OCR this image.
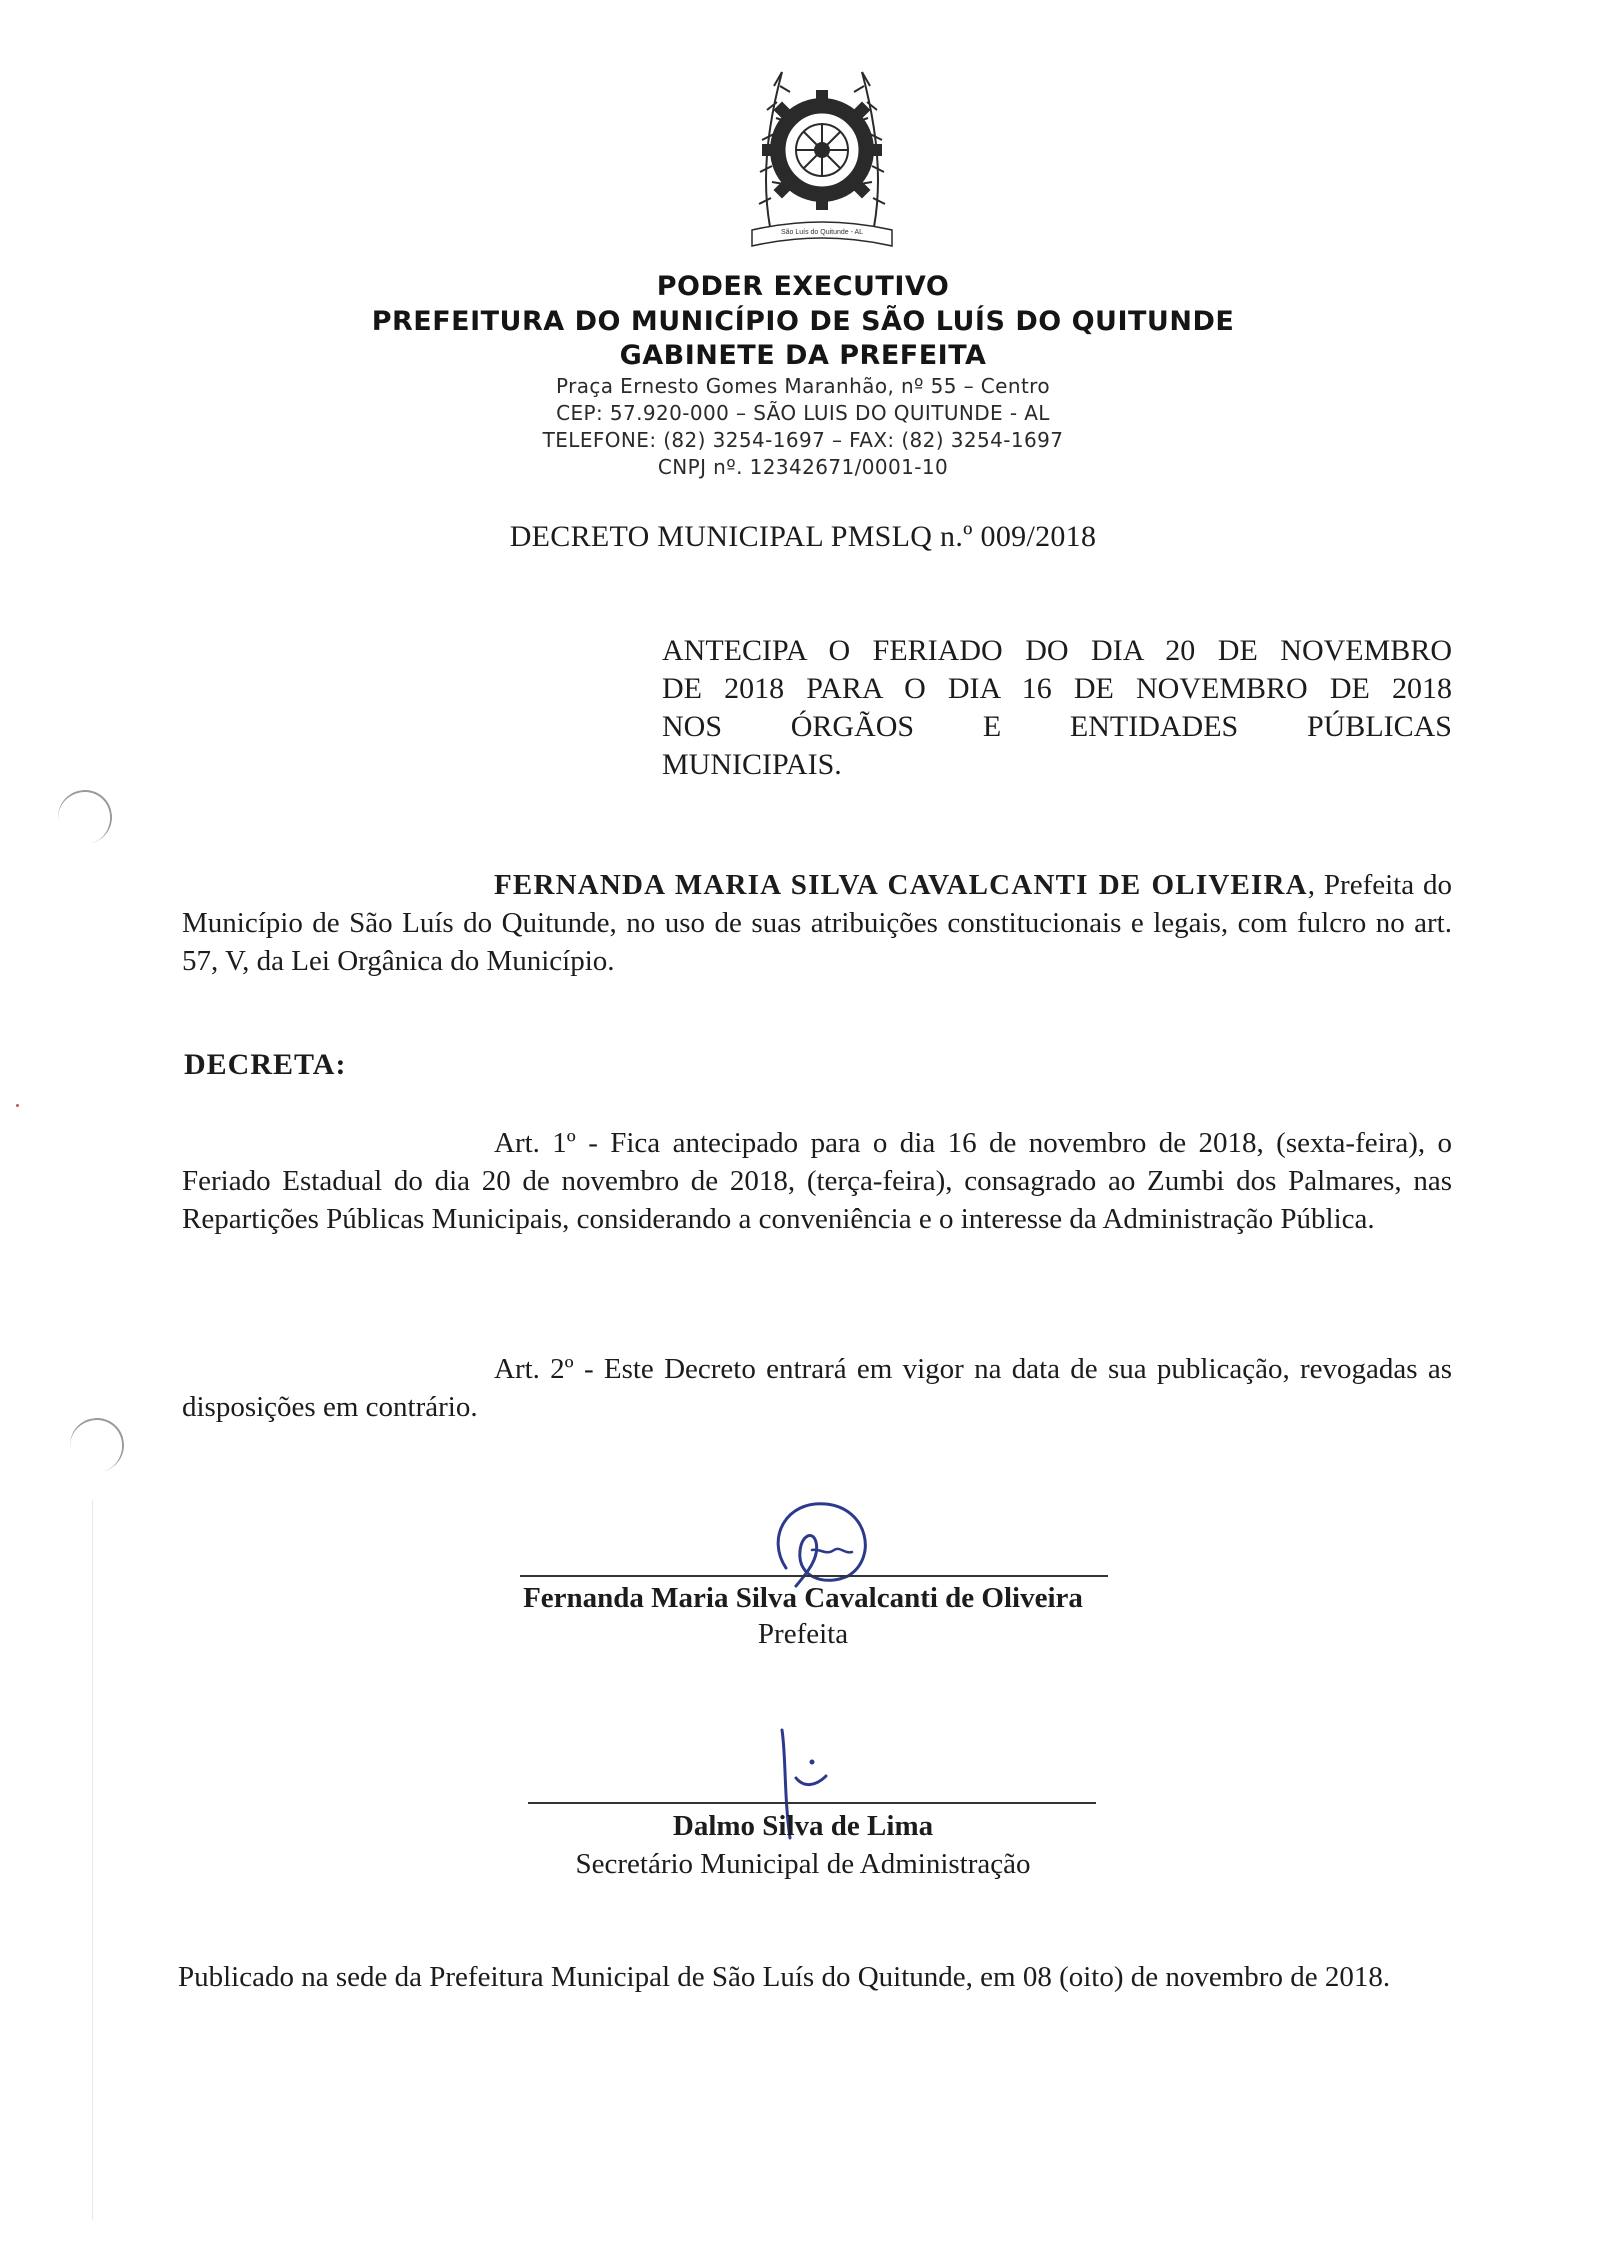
São Luís do Quitunde - AL
PODER EXECUTIVO
PREFEITURA DO MUNICÍPIO DE SÃO LUÍS DO QUITUNDE
GABINETE DA PREFEITA
Praça Ernesto Gomes Maranhão, nº 55 – Centro
CEP: 57.920-000 – SÃO LUIS DO QUITUNDE - AL
TELEFONE: (82) 3254-1697 – FAX: (82) 3254-1697
CNPJ nº. 12342671/0001-10
DECRETO MUNICIPAL PMSLQ n.º 009/2018
ANTECIPA O FERIADO DO DIA 20 DE NOVEMBRO
DE 2018 PARA O DIA 16 DE NOVEMBRO DE 2018
NOS ÓRGÃOS E ENTIDADES PÚBLICAS
MUNICIPAIS.
FERNANDA MARIA SILVA CAVALCANTI DE OLIVEIRA, Prefeita do Município de São Luís do Quitunde, no uso de suas atribuições constitucionais e legais, com fulcro no art. 57, V, da Lei Orgânica do Município.
DECRETA:
Art. 1º - Fica antecipado para o dia 16 de novembro de 2018, (sexta-feira), o Feriado Estadual do dia 20 de novembro de 2018, (terça-feira), consagrado ao Zumbi dos Palmares, nas Repartições Públicas Municipais, considerando a conveniência e o interesse da Administração Pública.
Art. 2º - Este Decreto entrará em vigor na data de sua publicação, revogadas as disposições em contrário.
Fernanda Maria Silva Cavalcanti de Oliveira
Prefeita
Dalmo Silva de Lima
Secretário Municipal de Administração
Publicado na sede da Prefeitura Municipal de São Luís do Quitunde, em 08 (oito) de novembro de 2018.
